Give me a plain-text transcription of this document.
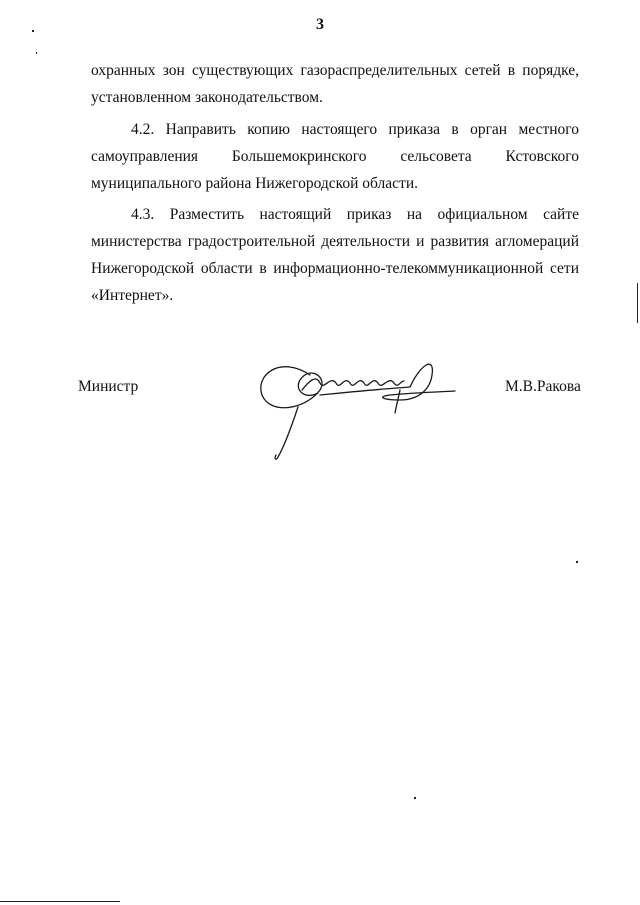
3
охранных зон существующих газораспределительных сетей в порядке,
установленном законодательством.
4.2. Направить копию настоящего приказа в орган местного
самоуправления Большемокринского сельсовета Кстовского
муниципального района Нижегородской области.
4.3. Разместить настоящий приказ на официальном сайте
министерства градостроительной деятельности и развития агломераций
Нижегородской области в информационно-телекоммуникационной сети
«Интернет».
Министр	М.В.Ракова
